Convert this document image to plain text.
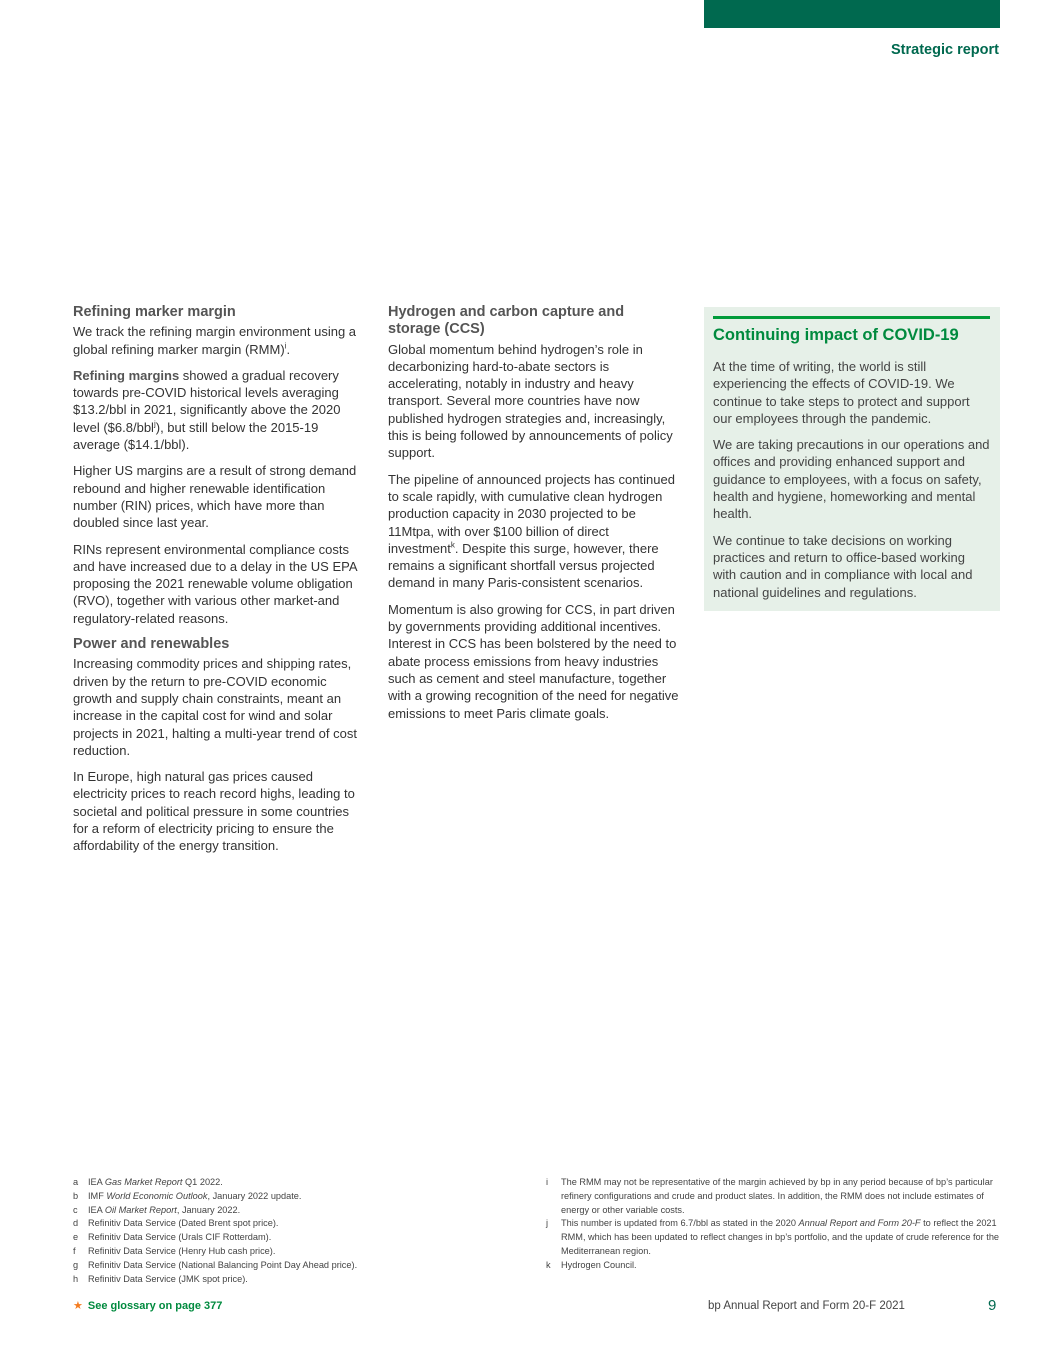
Strategic report
Refining marker margin

We track the refining margin environment using a global refining marker margin (RMM)$^i$.

Refining margins showed a gradual recovery towards pre-COVID historical levels averaging $13.2/bbl in 2021, significantly above the 2020 level ($6.8/bbl$^j$), but still below the 2015-19 average ($14.1/bbl).

Higher US margins are a result of strong demand rebound and higher renewable identification number (RIN) prices, which have more than doubled since last year.

RINs represent environmental compliance costs and have increased due to a delay in the US EPA proposing the 2021 renewable volume obligation (RVO), together with various other market-and regulatory-related reasons.

Power and renewables

Increasing commodity prices and shipping rates, driven by the return to pre-COVID economic growth and supply chain constraints, meant an increase in the capital cost for wind and solar projects in 2021, halting a multi-year trend of cost reduction.

In Europe, high natural gas prices caused electricity prices to reach record highs, leading to societal and political pressure in some countries for a reform of electricity pricing to ensure the affordability of the energy transition.

Hydrogen and carbon capture and storage (CCS)

Global momentum behind hydrogen’s role in decarbonizing hard-to-abate sectors is accelerating, notably in industry and heavy transport. Several more countries have now published hydrogen strategies and, increasingly, this is being followed by announcements of policy support.

The pipeline of announced projects has continued to scale rapidly, with cumulative clean hydrogen production capacity in 2030 projected to be 11Mtpa, with over $100 billion of direct investment$^k$. Despite this surge, however, there remains a significant shortfall versus projected demand in many Paris-consistent scenarios.

Momentum is also growing for CCS, in part driven by governments providing additional incentives. Interest in CCS has been bolstered by the need to abate process emissions from heavy industries such as cement and steel manufacture, together with a growing recognition of the need for negative emissions to meet Paris climate goals.

Continuing impact of COVID-19

At the time of writing, the world is still experiencing the effects of COVID-19. We continue to take steps to protect and support our employees through the pandemic.

We are taking precautions in our operations and offices and providing enhanced support and guidance to employees, with a focus on safety, health and hygiene, homeworking and mental health.

We continue to take decisions on working practices and return to office-based working with caution and in compliance with local and national guidelines and regulations.

a	IEA Gas Market Report Q1 2022.
b	IMF World Economic Outlook, January 2022 update.
c	IEA Oil Market Report, January 2022.
d	Refinitiv Data Service (Dated Brent spot price).
e	Refinitiv Data Service (Urals CIF Rotterdam).
f	Refinitiv Data Service (Henry Hub cash price).
g	Refinitiv Data Service (National Balancing Point Day Ahead price).
h	Refinitiv Data Service (JMK spot price).
i	The RMM may not be representative of the margin achieved by bp in any period because of bp’s particular refinery configurations and crude and product slates. In addition, the RMM does not include estimates of energy or other variable costs.
j	This number is updated from 6.7/bbl as stated in the 2020 Annual Report and Form 20-F to reflect the 2021 RMM, which has been updated to reflect changes in bp’s portfolio, and the update of crude reference for the Mediterranean region.
k	Hydrogen Council.
★ See glossary on page 377	bp Annual Report and Form 20-F 2021	9
